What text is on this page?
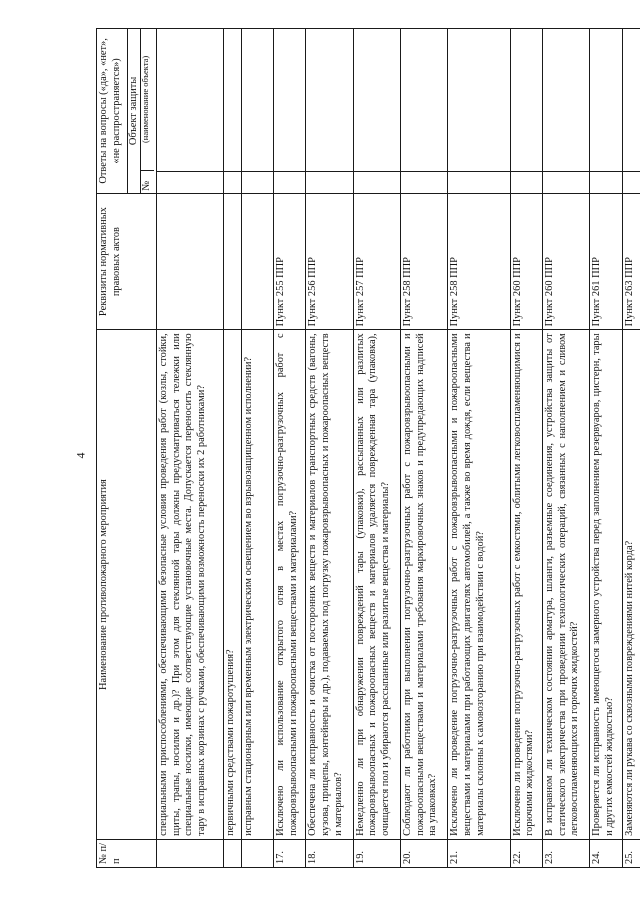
4
№ п/п	Наименование противопожарного мероприятия	Реквизиты нормативных правовых актов	Ответы на вопросы («да», «нет», «не распространяется»)	

			Объект защиты
№
(наименование объекта)	

	специальными приспособлениями, обеспечивающими безопасные условия проведения работ (козлы, стойки, щиты, трапы, носилки и др.)? При этом для стеклянной тары должны предусматриваться тележки или специальные носилки, имеющие соответствующие установочные места. Допускается переносить стеклянную тару в исправных корзинах с ручками, обеспечивающими возможность переноски их 2 работниками?			
	первичными средствами пожаротушения?			
	исправным стационарным или временным электрическим освещением во взрывозащищенном исполнении?			
17.	Исключено ли использование открытого огня в местах погрузочно-разгрузочных работ с пожаровзрывоопасными и пожароопасными веществами и материалами?	Пункт 255 ППР		
18.	Обеспечена ли исправность и очистка от посторонних веществ и материалов транспортных средств (вагоны, кузова, прицепы, контейнеры и др.), подаваемых под погрузку пожаровзрывоопасных и пожароопасных веществ и материалов?	Пункт 256 ППР		
19.	Немедленно ли при обнаружении повреждений тары (упаковки), рассыпанных или разлитых пожаровзрывоопасных и пожароопасных веществ и материалов удаляется поврежденная тара (упаковка), очищается пол и убираются рассыпанные или разлитые вещества и материалы?	Пункт 257 ППР		
20.	Соблюдают ли работники при выполнении погрузочно-разгрузочных работ с пожаровзрывоопасными и пожароопасными веществами и материалами требования маркировочных знаков и предупредающих надписей на упаковках?	Пункт 258 ППР		
21.	Исключено ли проведение погрузочно-разгрузочных работ с пожаровзрывоопасными и пожароопасными веществами и материалами при работающих двигателях автомобилей, а также во время дождя, если вещества и материалы склонны к самовозгоранию при взаимодействии с водой?	Пункт 258 ППР		
22.	Исключено ли проведение погрузочно-разгрузочных работ с емкостями, облитыми легковоспламеняющимися и горючими жидкостями?	Пункт 260 ППР		
23.	В исправном ли техническом состоянии арматура, шланги, разъемные соединения, устройства защиты от статического электричества при проведении технологических операций, связанных с наполнением и сливом легковоспламеняющихся и горючих жидкостей?	Пункт 260 ППР		
24.	Проверяется ли исправность имеющегося замерного устройства перед заполнением резервуаров, цистерн, тары и других емкостей жидкостью?	Пункт 261 ППР		
25.	Заменяются ли рукава со сквозными повреждениями нитей корда?	Пункт 263 ППР		
